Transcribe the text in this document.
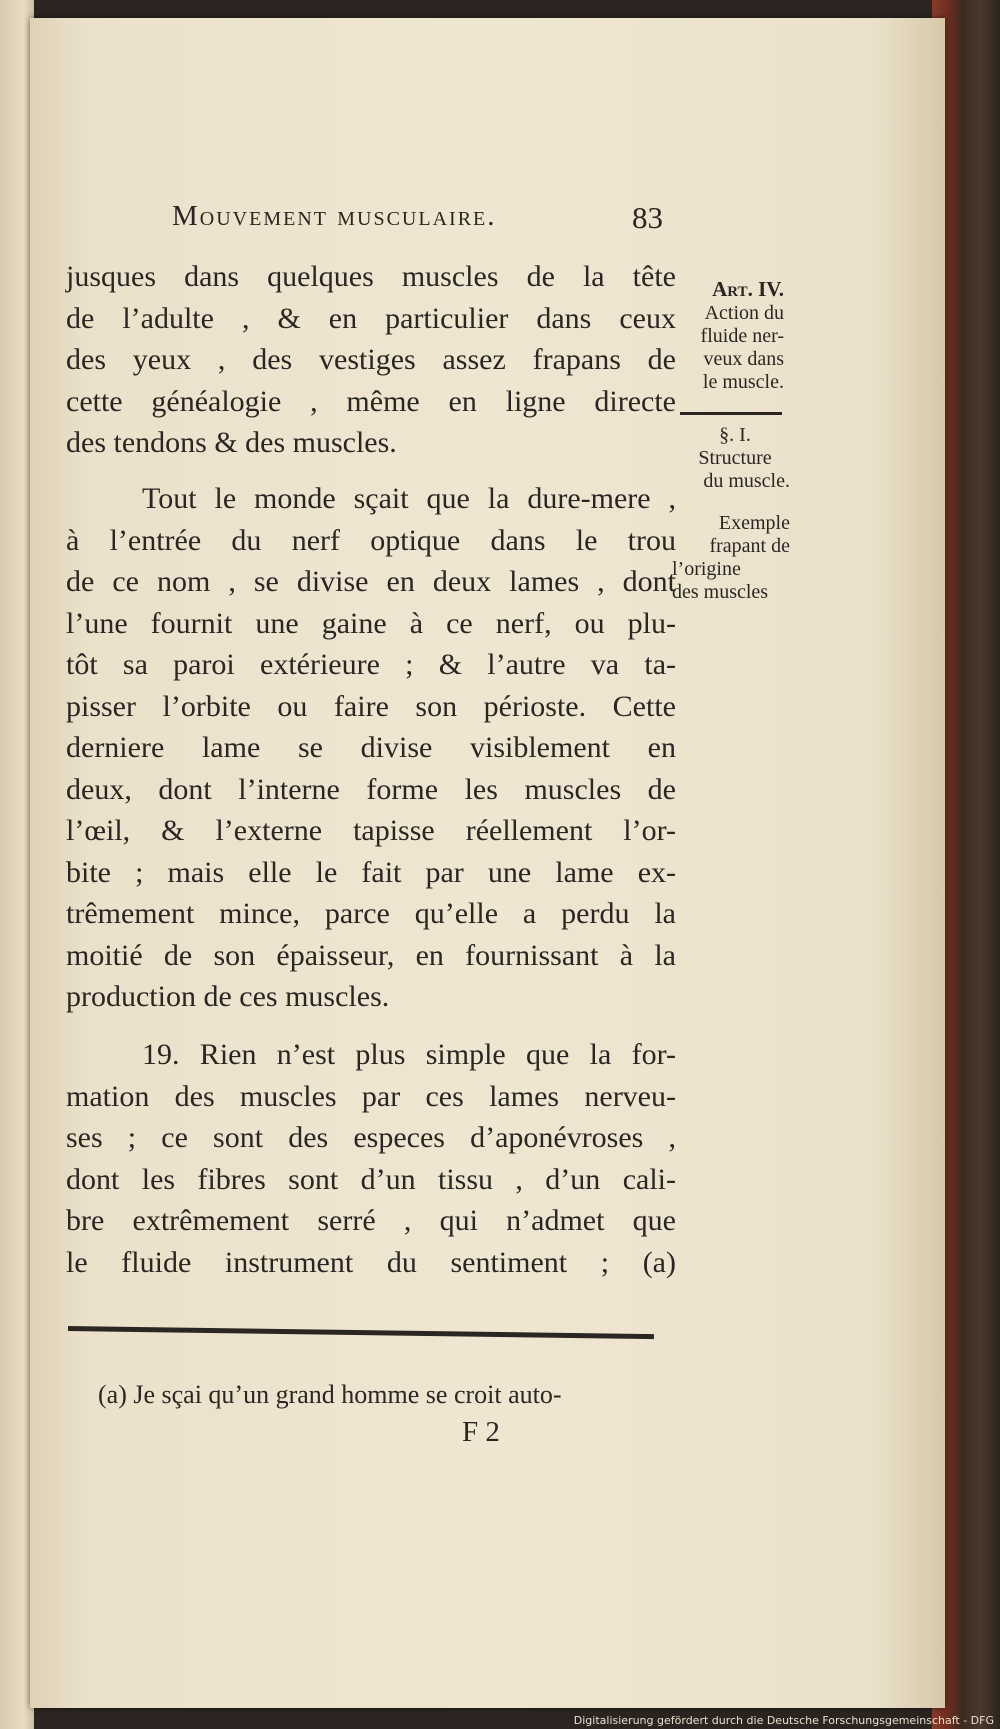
Mouvement musculaire.	83
jusques dans quelques muscles de la tête
de l’adulte , & en particulier dans ceux
des yeux , des vestiges assez frapans de
cette généalogie , même en ligne directe
des tendons & des muscles.
Tout le monde sçait que la dure-mere ,
à l’entrée du nerf optique dans le trou
de ce nom , se divise en deux lames , dont
l’une fournit une gaine à ce nerf, ou plu-
tôt sa paroi extérieure ; & l’autre va ta-
pisser l’orbite ou faire son périoste. Cette
derniere lame se divise visiblement en
deux, dont l’interne forme les muscles de
l’œil, & l’externe tapisse réellement l’or-
bite ; mais elle le fait par une lame ex-
trêmement mince, parce qu’elle a perdu la
moitié de son épaisseur, en fournissant à la
production de ces muscles.
19. Rien n’est plus simple que la for-
mation des muscles par ces lames nerveu-
ses ; ce sont des especes d’aponévroses ,
dont les fibres sont d’un tissu , d’un cali-
bre extrêmement serré , qui n’admet que
le fluide instrument du sentiment ; (a)
Art. IV.
Action du
fluide ner-
veux dans
le muscle.
§. I.
Structure
du muscle.
Exemple
frapant de
l’origine
des muscles
(a) Je sçai qu’un grand homme se croit auto-
F 2
Digitalisierung gefördert durch die Deutsche Forschungsgemeinschaft - DFG
